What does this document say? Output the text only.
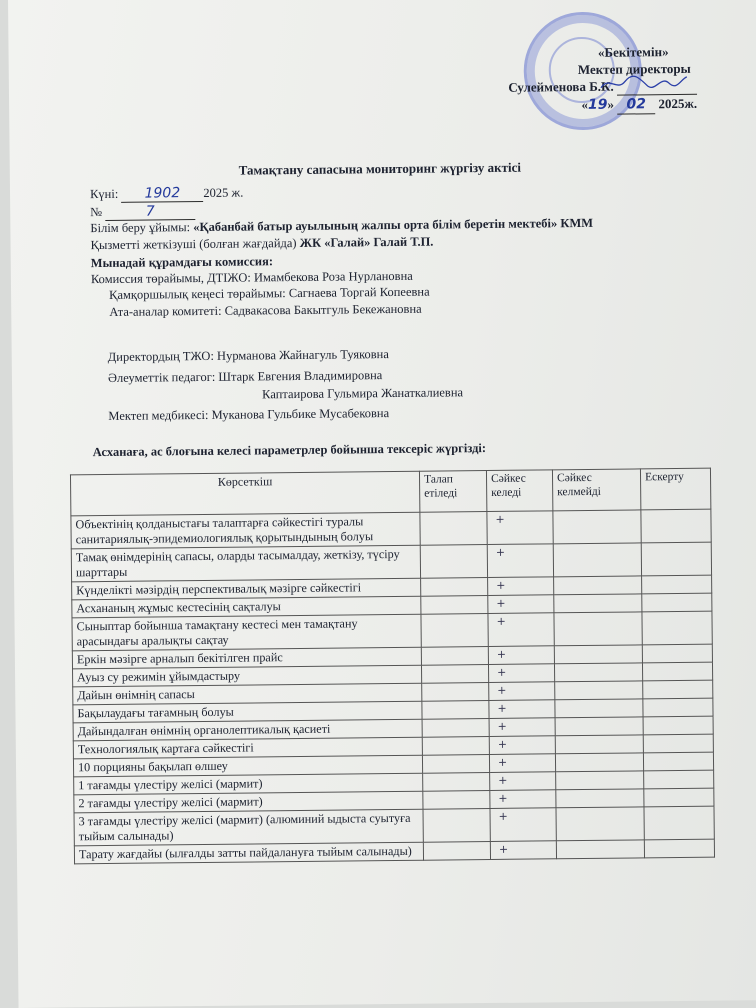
«Бекітемін»
Мектеп директоры
Сулейменова Б.К.
«19» 02 2025ж.
Тамақтану сапасына мониторинг жүргізу актісі
Күні: 1902 2025 ж.
№	7
Білім беру ұйымы: «Қабанбай батыр ауылының жалпы орта білім беретін мектебі» КММ
Қызметті жеткізуші (болған жағдайда) ЖК «Галай» Галай Т.П.
Мынадай құрамдағы комиссия:
Комиссия төрайымы, ДТІЖО: Имамбекова Роза Нурлановна
Қамқоршылық кеңесі төрайымы: Сагнаева Торгай Копеевна
Ата-аналар комитеті: Садвакасова Бакытгуль Бекежановна
Директордың ТЖО: Нурманова Жайнагуль Туяковна
Әлеуметтік педагог: Штарк Евгения Владимировна
Каптаирова Гульмира Жанаткалиевна
Мектеп медбикесі: Муканова Гульбике Мусабековна
Асханаға, ас блоғына келесі параметрлер бойынша тексеріс жүргізді:
Көрсеткіш	Талап етіледі	Сәйкес келеді	Сәйкес келмейді	Ескерту
Объектінің қолданыстағы талаптарға сәйкестігі туралы санитариялық-эпидемиологиялық қорытындының болуы		+		
Тамақ өнімдерінің сапасы, оларды тасымалдау, жеткізу, түсіру шарттары		+		
Күнделікті мәзірдің перспективалық мәзірге сәйкестігі		+		
Асхананың жұмыс кестесінің сақталуы		+		
Сыныптар бойынша тамақтану кестесі мен тамақтану арасындағы аралықты сақтау		+		
Еркін мәзірге арналып бекітілген прайс		+		
Ауыз су режимін ұйымдастыру		+		
Дайын өнімнің сапасы		+		
Бақылаудағы тағамның болуы		+		
Дайындалған өнімнің органолептикалық қасиеті		+		
Технологиялық картаға сәйкестігі		+		
10 порцияны бақылап өлшеу		+		
1 тағамды үлестіру желісі (мармит)		+		
2 тағамды үлестіру желісі (мармит)		+		
3 тағамды үлестіру желісі (мармит) (алюминий ыдыста суытуға тыйым салынады)		+		
Тарату жағдайы (ылғалды затты пайдалануға тыйым салынады)		+		
